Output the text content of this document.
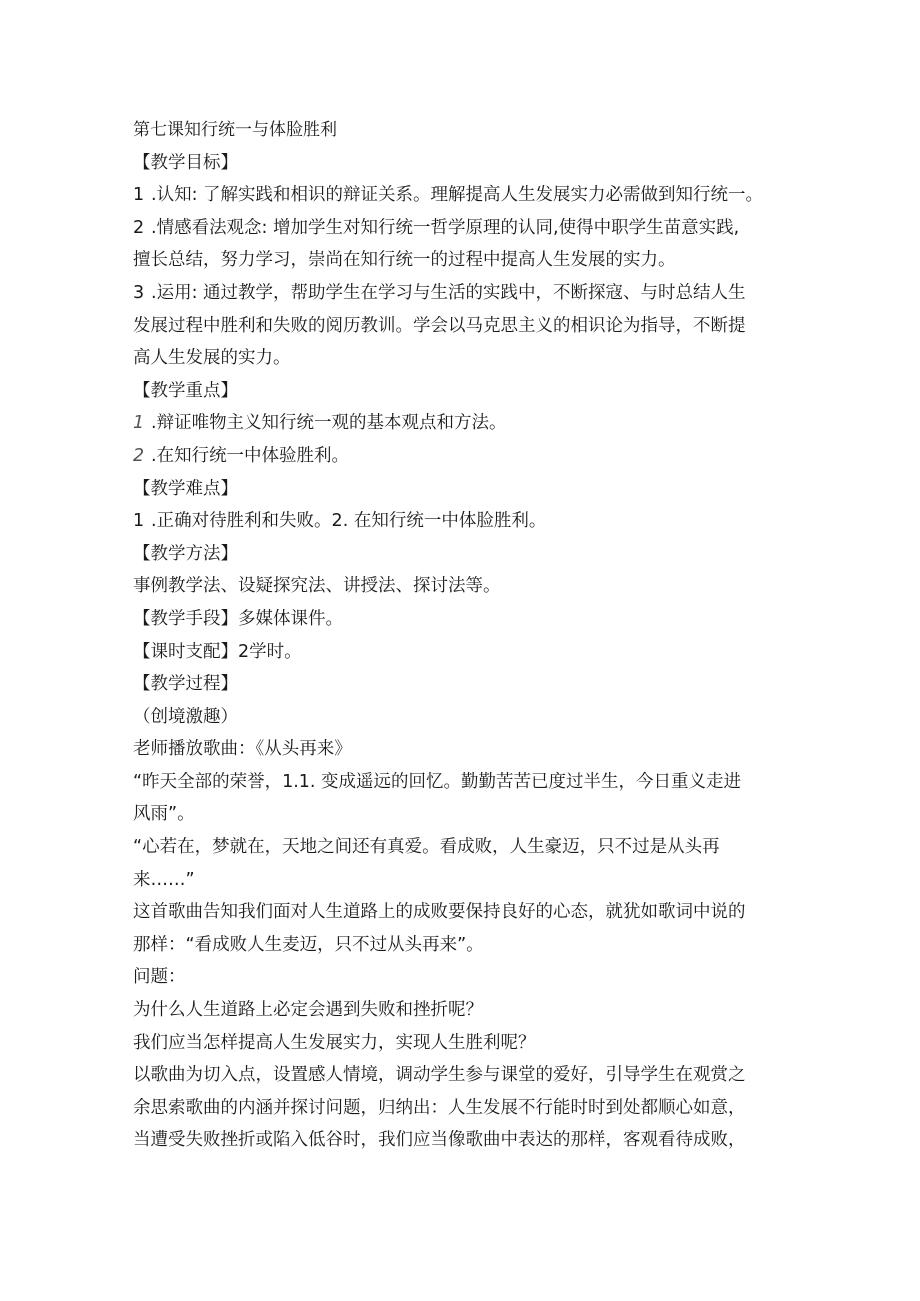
第七课知行统一与体脸胜利
【教学目标】
1 .认知: 了解实践和相识的辩证关系。理解提高人生发展实力必需做到知行统一。
2 .情感看法观念: 增加学生对知行统一哲学原理的认同,使得中职学生苗意实践,
擅长总结，努力学习，崇尚在知行统一的过程中提高人生发展的实力。
3 .运用: 通过教学，帮助学生在学习与生活的实践中，不断探寇、与时总结人生
发展过程中胜利和失败的阅历教训。学会以马克思主义的相识论为指导，不断提
高人生发展的实力。
【教学重点】
1 .辩证唯物主义知行统一观的基本观点和方法。
2 .在知行统一中体验胜利。
【教学难点】
1 .正确对待胜利和失败。2. 在知行统一中体脸胜利。
【教学方法】
事例教学法、设疑探究法、讲授法、探讨法等。
【教学手段】多媒体课件。
【课时支配】2学时。
【教学过程】
（创境激趣）
老师播放歌曲：《从头再来》
“昨天全部的荣誉，1.1. 变成遥远的回忆。勤勤苦苦已度过半生，今日重义走进
风雨”。
“心若在，梦就在，天地之间还有真爱。看成败，人生豪迈，只不过是从头再
来……”
这首歌曲告知我们面对人生道路上的成败要保持良好的心态，就犹如歌词中说的
那样：“看成败人生麦迈，只不过从头再来”。
问题：
为什么人生道路上必定会遇到失败和挫折呢？
我们应当怎样提高人生发展实力，实现人生胜利呢？
以歌曲为切入点，设置感人情境，调动学生参与课堂的爱好，引导学生在观赏之
余思索歌曲的内涵并探讨问题，归纳出：人生发展不行能时时到处都顺心如意，
当遭受失败挫折或陷入低谷时，我们应当像歌曲中表达的那样，客观看待成败，
